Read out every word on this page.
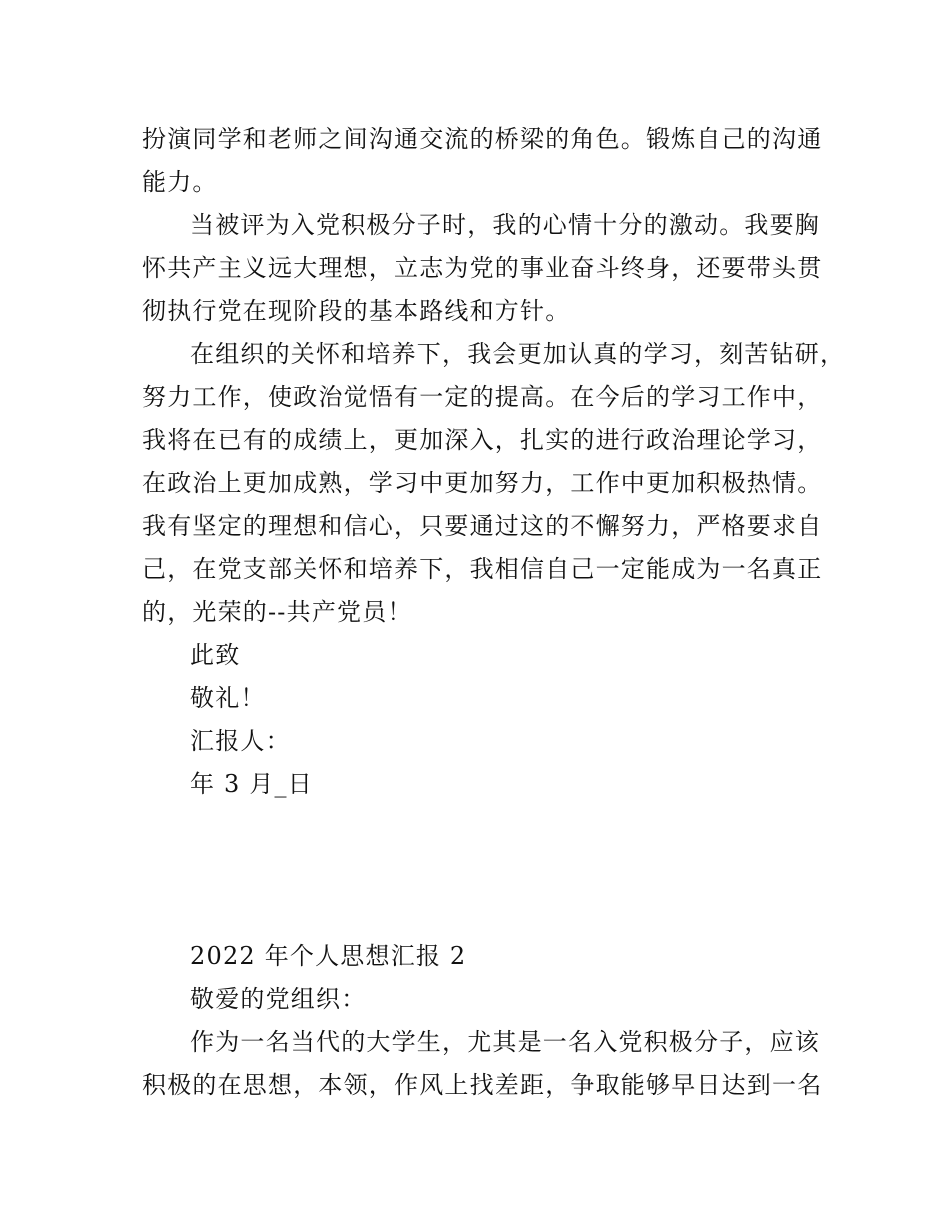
扮演同学和老师之间沟通交流的桥梁的角色。锻炼自己的沟通
能力。
当被评为入党积极分子时，我的心情十分的激动。我要胸
怀共产主义远大理想，立志为党的事业奋斗终身，还要带头贯
彻执行党在现阶段的基本路线和方针。
在组织的关怀和培养下，我会更加认真的学习，刻苦钻研，
努力工作，使政治觉悟有一定的提高。在今后的学习工作中，
我将在已有的成绩上，更加深入，扎实的进行政治理论学习，
在政治上更加成熟，学习中更加努力，工作中更加积极热情。
我有坚定的理想和信心，只要通过这的不懈努力，严格要求自
己，在党支部关怀和培养下，我相信自己一定能成为一名真正
的，光荣的--共产党员！
此致
敬礼！
汇报人：
年 3 月_日
2022 年个人思想汇报 2
敬爱的党组织：
作为一名当代的大学生，尤其是一名入党积极分子，应该
积极的在思想，本领，作风上找差距，争取能够早日达到一名
